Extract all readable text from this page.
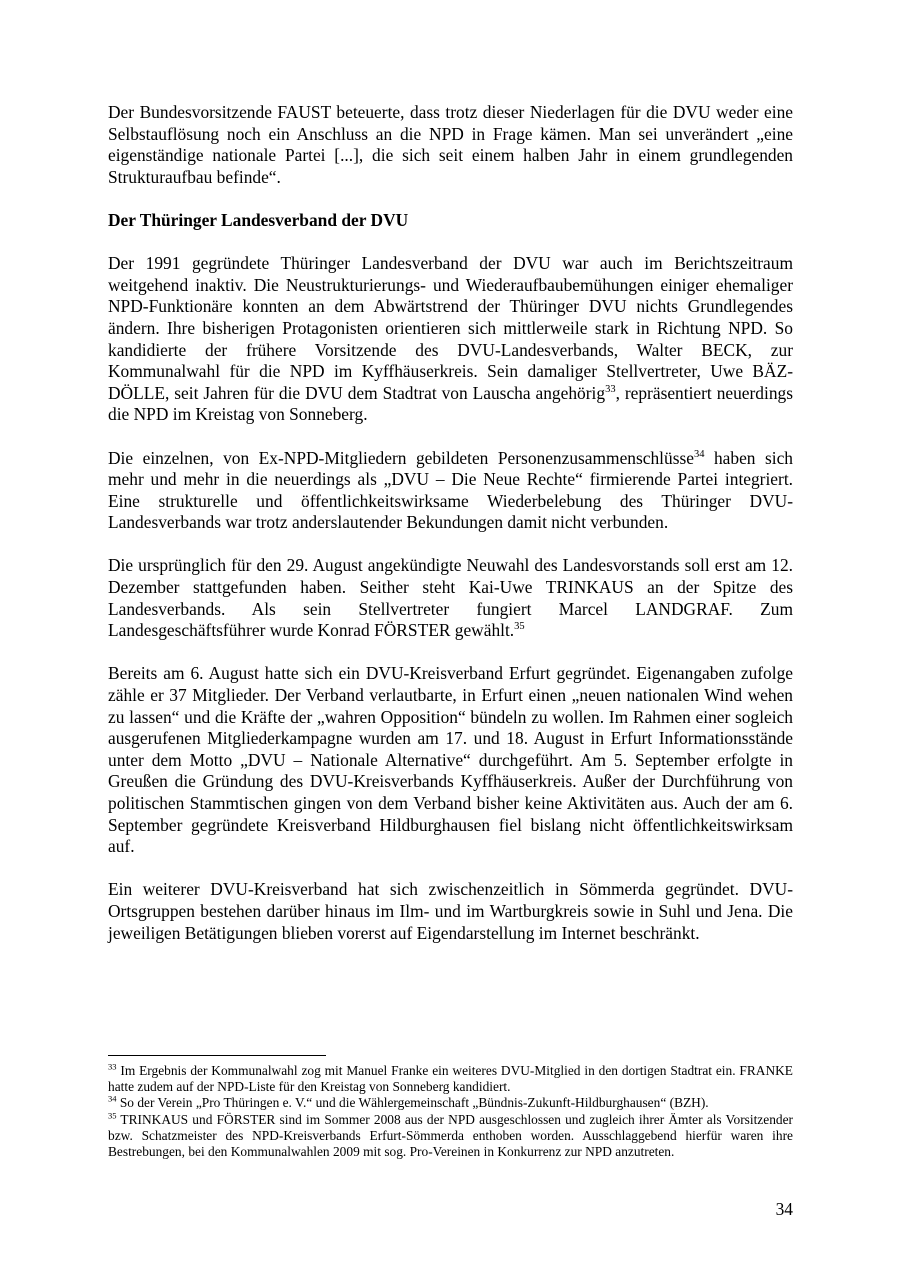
Der Bundesvorsitzende FAUST beteuerte, dass trotz dieser Niederlagen für die DVU weder eine Selbstauflösung noch ein Anschluss an die NPD in Frage kämen. Man sei unverändert „eine eigenständige nationale Partei [...], die sich seit einem halben Jahr in einem grundlegenden Strukturaufbau befinde“.

Der Thüringer Landesverband der DVU

Der 1991 gegründete Thüringer Landesverband der DVU war auch im Berichtszeitraum weitgehend inaktiv. Die Neustrukturierungs- und Wiederaufbaubemühungen einiger ehemaliger NPD-Funktionäre konnten an dem Abwärtstrend der Thüringer DVU nichts Grundlegendes ändern. Ihre bisherigen Protagonisten orientieren sich mittlerweile stark in Richtung NPD. So kandidierte der frühere Vorsitzende des DVU-Landesverbands, Walter BECK, zur Kommunalwahl für die NPD im Kyffhäuserkreis. Sein damaliger Stellvertreter, Uwe BÄZ-DÖLLE, seit Jahren für die DVU dem Stadtrat von Lauscha angehörig$^{33}$, repräsentiert neuerdings die NPD im Kreistag von Sonneberg.

Die einzelnen, von Ex-NPD-Mitgliedern gebildeten Personenzusammenschlüsse$^{34}$ haben sich mehr und mehr in die neuerdings als „DVU – Die Neue Rechte“ firmierende Partei integriert. Eine strukturelle und öffentlichkeitswirksame Wiederbelebung des Thüringer DVU-Landesverbands war trotz anderslautender Bekundungen damit nicht verbunden.

Die ursprünglich für den 29. August angekündigte Neuwahl des Landesvorstands soll erst am 12. Dezember stattgefunden haben. Seither steht Kai-Uwe TRINKAUS an der Spitze des Landesverbands. Als sein Stellvertreter fungiert Marcel LANDGRAF. Zum Landesgeschäftsführer wurde Konrad FÖRSTER gewählt.$^{35}$

Bereits am 6. August hatte sich ein DVU-Kreisverband Erfurt gegründet. Eigenangaben zufolge zähle er 37 Mitglieder. Der Verband verlautbarte, in Erfurt einen „neuen nationalen Wind wehen zu lassen“ und die Kräfte der „wahren Opposition“ bündeln zu wollen. Im Rahmen einer sogleich ausgerufenen Mitgliederkampagne wurden am 17. und 18. August in Erfurt Informationsstände unter dem Motto „DVU – Nationale Alternative“ durchgeführt. Am 5. September erfolgte in Greußen die Gründung des DVU-Kreisverbands Kyffhäuserkreis. Außer der Durchführung von politischen Stammtischen gingen von dem Verband bisher keine Aktivitäten aus. Auch der am 6. September gegründete Kreisverband Hildburghausen fiel bislang nicht öffentlichkeitswirksam auf.

Ein weiterer DVU-Kreisverband hat sich zwischenzeitlich in Sömmerda gegründet. DVU-Ortsgruppen bestehen darüber hinaus im Ilm- und im Wartburgkreis sowie in Suhl und Jena. Die jeweiligen Betätigungen blieben vorerst auf Eigendarstellung im Internet beschränkt.

$^{33}$ Im Ergebnis der Kommunalwahl zog mit Manuel Franke ein weiteres DVU-Mitglied in den dortigen Stadtrat ein. FRANKE hatte zudem auf der NPD-Liste für den Kreistag von Sonneberg kandidiert.

$^{34}$ So der Verein „Pro Thüringen e. V.“ und die Wählergemeinschaft „Bündnis-Zukunft-Hildburghausen“ (BZH).

$^{35}$ TRINKAUS und FÖRSTER sind im Sommer 2008 aus der NPD ausgeschlossen und zugleich ihrer Ämter als Vorsitzender bzw. Schatzmeister des NPD-Kreisverbands Erfurt-Sömmerda enthoben worden. Ausschlaggebend hierfür waren ihre Bestrebungen, bei den Kommunalwahlen 2009 mit sog. Pro-Vereinen in Konkurrenz zur NPD anzutreten.

34
